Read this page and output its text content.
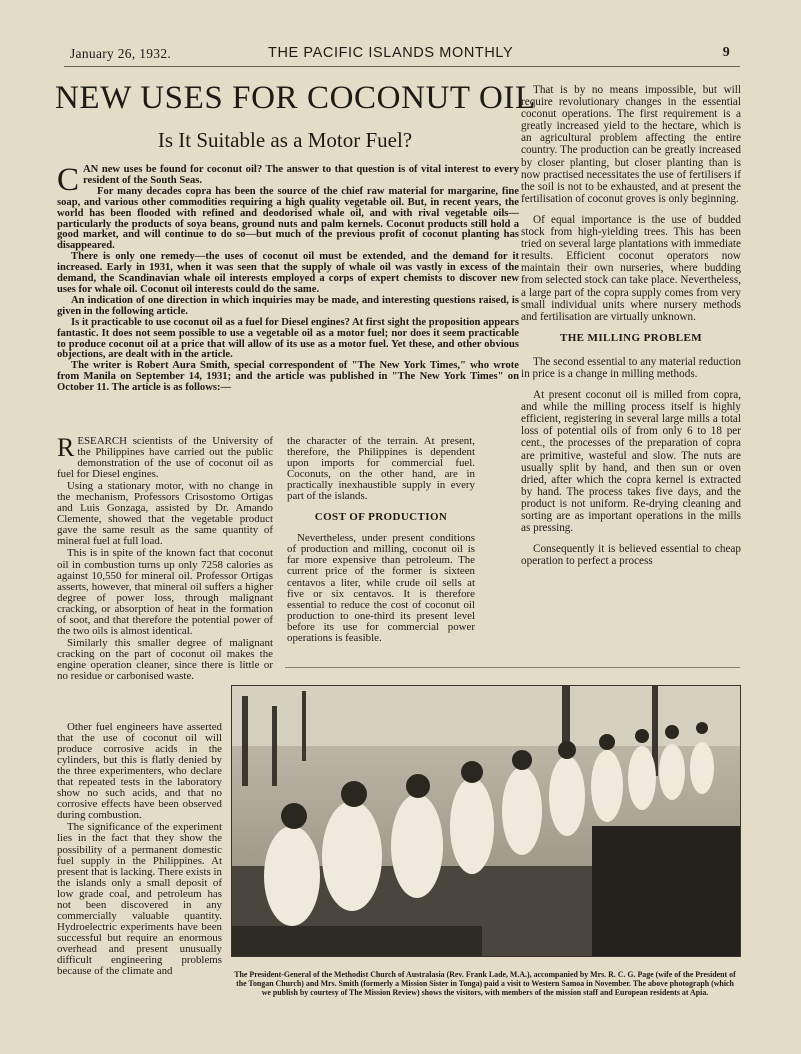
January 26, 1932.	THE PACIFIC ISLANDS MONTHLY	9
NEW USES FOR COCONUT OIL
Is It Suitable as a Motor Fuel?

CAN new uses be found for coconut oil? The answer to that question is of vital interest to every resident of the South Seas.

For many decades copra has been the source of the chief raw material for margarine, fine soap, and various other commodities requiring a high quality vegetable oil. But, in recent years, the world has been flooded with refined and deodorised whale oil, and with rival vegetable oils—particularly the products of soya beans, ground nuts and palm kernels. Coconut products still hold a good market, and will continue to do so—but much of the previous profit of coconut planting has disappeared.

There is only one remedy—the uses of coconut oil must be extended, and the demand for it increased. Early in 1931, when it was seen that the supply of whale oil was vastly in excess of the demand, the Scandinavian whale oil interests employed a corps of expert chemists to discover new uses for whale oil. Coconut oil interests could do the same.

An indication of one direction in which inquiries may be made, and interesting questions raised, is given in the following article.

Is it practicable to use coconut oil as a fuel for Diesel engines? At first sight the proposition appears fantastic. It does not seem possible to use a vegetable oil as a motor fuel; nor does it seem practicable to produce coconut oil at a price that will allow of its use as a motor fuel. Yet these, and other obvious objections, are dealt with in the article.

The writer is Robert Aura Smith, special correspondent of "The New York Times," who wrote from Manila on September 14, 1931; and the article was published in "The New York Times" on October 11. The article is as follows:—

RESEARCH scientists of the University of the Philippines have carried out the public demonstration of the use of coconut oil as fuel for Diesel engines.

Using a stationary motor, with no change in the mechanism, Professors Crisostomo Ortigas and Luis Gonzaga, assisted by Dr. Amando Clemente, showed that the vegetable product gave the same result as the same quantity of mineral fuel at full load.

This is in spite of the known fact that coconut oil in combustion turns up only 7258 calories as against 10,550 for mineral oil. Professor Ortigas asserts, however, that mineral oil suffers a higher degree of power loss, through malignant cracking, or absorption of heat in the formation of soot, and that therefore the potential power of the two oils is almost identical.

Similarly this smaller degree of malignant cracking on the part of coconut oil makes the engine operation cleaner, since there is little or no residue or carbonised waste.

Other fuel engineers have asserted that the use of coconut oil will produce corrosive acids in the cylinders, but this is flatly denied by the three experimenters, who declare that repeated tests in the laboratory show no such acids, and that no corrosive effects have been observed during combustion.

The significance of the experiment lies in the fact that they show the possibility of a permanent domestic fuel supply in the Philippines. At present that is lacking. There exists in the islands only a small deposit of low grade coal, and petroleum has not been discovered in any commercially valuable quantity. Hydroelectric experiments have been successful but require an enormous overhead and present unusually difficult engineering problems because of the climate and

the character of the terrain. At present, therefore, the Philippines is dependent upon imports for commercial fuel. Coconuts, on the other hand, are in practically inexhaustible supply in every part of the islands.

COST OF PRODUCTION

Nevertheless, under present conditions of production and milling, coconut oil is far more expensive than petroleum. The current price of the former is sixteen centavos a liter, while crude oil sells at five or six centavos. It is therefore essential to reduce the cost of coconut oil production to one-third its present level before its use for commercial power operations is feasible.

That is by no means impossible, but will require revolutionary changes in the essential coconut operations. The first requirement is a greatly increased yield to the hectare, which is an agricultural problem affecting the entire country. The production can be greatly increased by closer planting, but closer planting than is now practised necessitates the use of fertilisers if the soil is not to be exhausted, and at present the fertilisation of coconut groves is only beginning.

Of equal importance is the use of budded stock from high-yielding trees. This has been tried on several large plantations with immediate results. Efficient coconut operators now maintain their own nurseries, where budding from selected stock can take place. Nevertheless, a large part of the copra supply comes from very small individual units where nursery methods and fertilisation are virtually unknown.

THE MILLING PROBLEM

The second essential to any material reduction in price is a change in milling methods.

At present coconut oil is milled from copra, and while the milling process itself is highly efficient, registering in several large mills a total loss of potential oils of from only 6 to 18 per cent., the processes of the preparation of copra are primitive, wasteful and slow. The nuts are usually split by hand, and then sun or oven dried, after which the copra kernel is extracted by hand. The process takes five days, and the product is not uniform. Re-drying cleaning and sorting are as important operations in the mills as pressing.

Consequently it is believed essential to cheap operation to perfect a process

The President-General of the Methodist Church of Australasia (Rev. Frank Lade, M.A.), accompanied by Mrs. R. C. G. Page (wife of the President of the Tongan Church) and Mrs. Smith (formerly a Mission Sister in Tonga) paid a visit to Western Samoa in November. The above photograph (which we publish by courtesy of The Mission Review) shows the visitors, with members of the mission staff and European residents at Apia.
